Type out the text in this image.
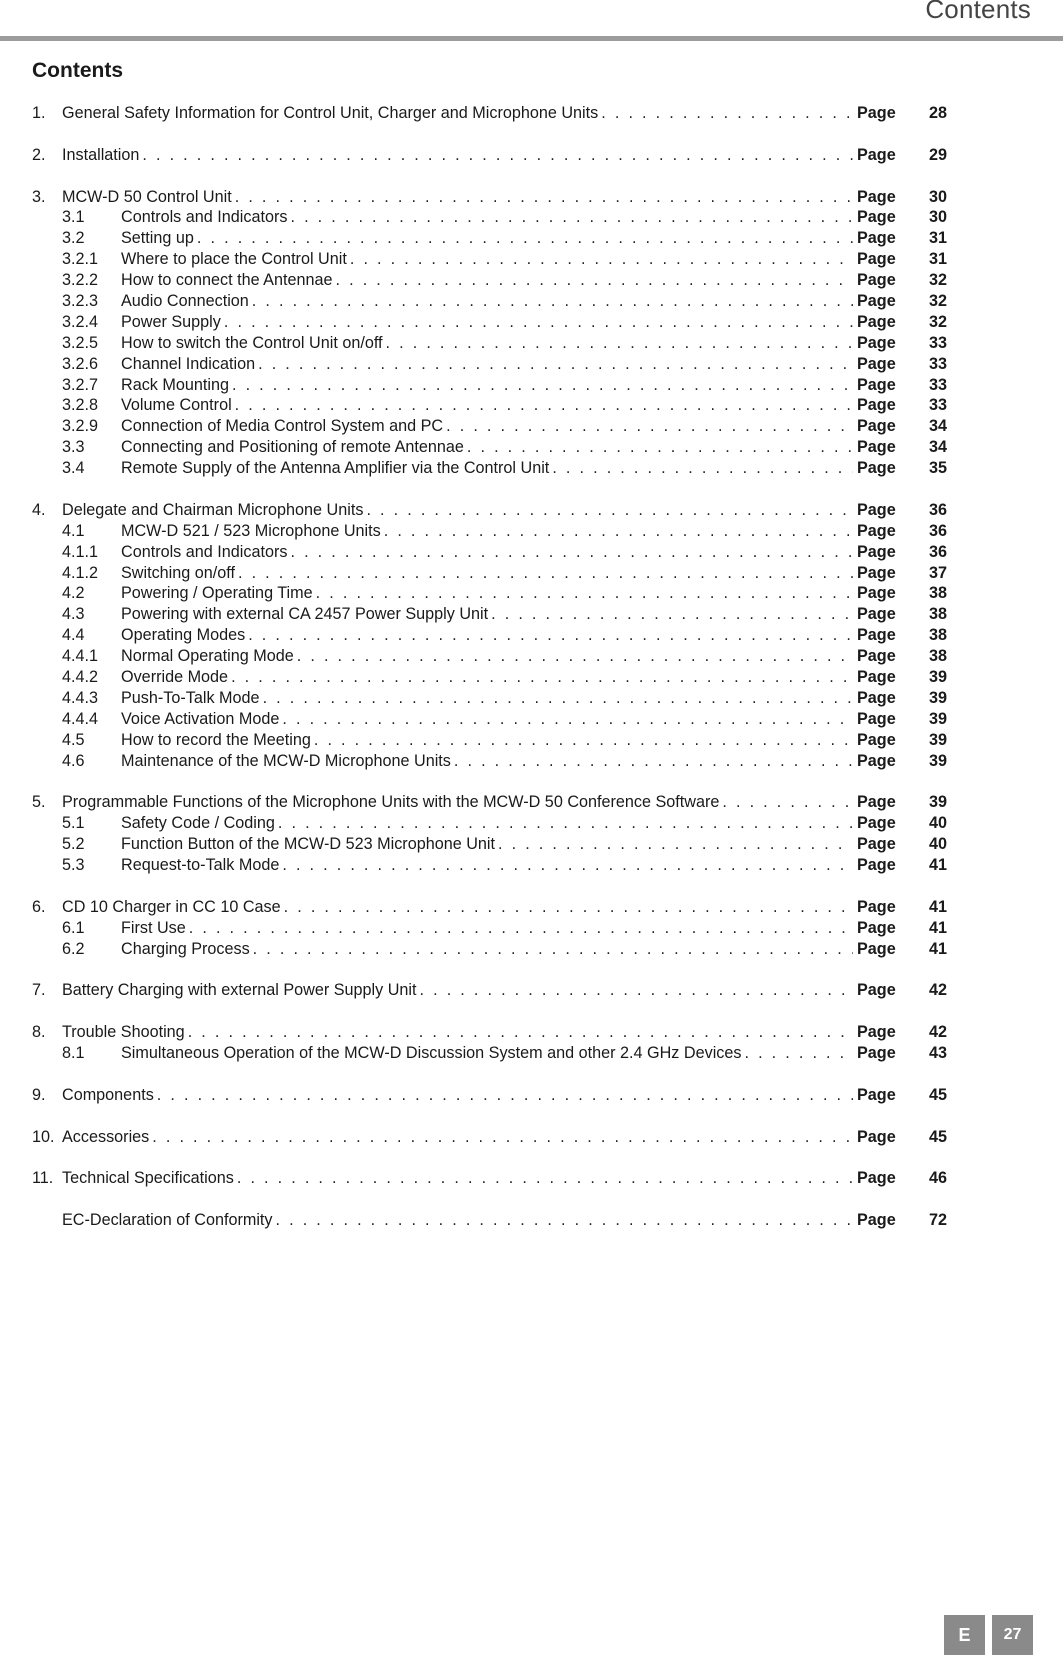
Contents
Contents
1.	General Safety Information for Control Unit, Charger and Microphone Units . . .	Page	28
2.	Installation . . .	Page	29
3.	MCW-D 50 Control Unit . . .	Page	30
3.1	Controls and Indicators . . .	Page	30
3.2	Setting up . . .	Page	31
3.2.1	Where to place the Control Unit . . .	Page	31
3.2.2	How to connect the Antennae . . .	Page	32
3.2.3	Audio Connection . . .	Page	32
3.2.4	Power Supply . . .	Page	32
3.2.5	How to switch the Control Unit on/off . . .	Page	33
3.2.6	Channel Indication . . .	Page	33
3.2.7	Rack Mounting . . .	Page	33
3.2.8	Volume Control . . .	Page	33
3.2.9	Connection of Media Control System and PC . . .	Page	34
3.3	Connecting and Positioning of remote Antennae . . .	Page	34
3.4	Remote Supply of the Antenna Amplifier via the Control Unit . . .	Page	35
4.	Delegate and Chairman Microphone Units . . .	Page	36
4.1	MCW-D 521 / 523 Microphone Units . . .	Page	36
4.1.1	Controls and Indicators . . .	Page	36
4.1.2	Switching on/off . . .	Page	37
4.2	Powering / Operating Time . . .	Page	38
4.3	Powering with external CA 2457 Power Supply Unit . . .	Page	38
4.4	Operating Modes . . .	Page	38
4.4.1	Normal Operating Mode . . .	Page	38
4.4.2	Override Mode . . .	Page	39
4.4.3	Push-To-Talk Mode . . .	Page	39
4.4.4	Voice Activation Mode . . .	Page	39
4.5	How to record the Meeting . . .	Page	39
4.6	Maintenance of the MCW-D Microphone Units . . .	Page	39
5.	Programmable Functions of the Microphone Units with the MCW-D 50 Conference Software . . .	Page	39
5.1	Safety Code / Coding . . .	Page	40
5.2	Function Button of the MCW-D 523 Microphone Unit . . .	Page	40
5.3	Request-to-Talk Mode . . .	Page	41
6.	CD 10 Charger in CC 10 Case . . .	Page	41
6.1	First Use . . .	Page	41
6.2	Charging Process . . .	Page	41
7.	Battery Charging with external Power Supply Unit . . .	Page	42
8.	Trouble Shooting . . .	Page	42
8.1	Simultaneous Operation of the MCW-D Discussion System and other 2.4 GHz Devices . . .	Page	43
9.	Components . . .	Page	45
10. Accessories . . .	Page	45
11. Technical Specifications . . .	Page	46
EC-Declaration of Conformity . . .	Page	72
E	27
